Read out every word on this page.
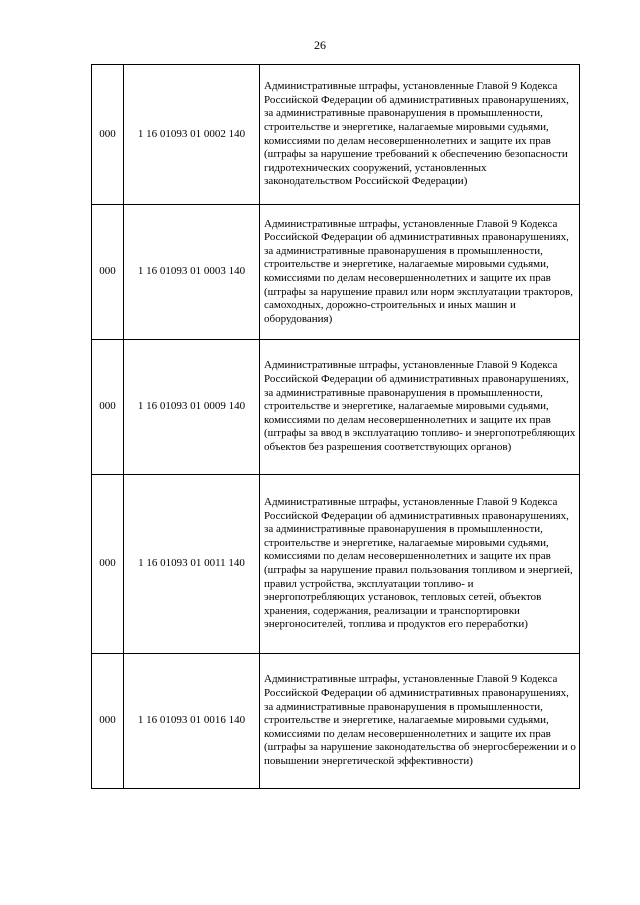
26
000	1 16 01093 01 0002 140	Административные штрафы, установленные Главой 9 Кодекса Российской Федерации об административных правонарушениях, за административные правонарушения в промышленности, строительстве и энергетике, налагаемые мировыми судьями, комиссиями по делам несовершеннолетних и защите их прав (штрафы за нарушение требований к обеспечению безопасности гидротехнических сооружений, установленных законодательством Российской Федерации)
000	1 16 01093 01 0003 140	Административные штрафы, установленные Главой 9 Кодекса Российской Федерации об административных правонарушениях, за административные правонарушения в промышленности, строительстве и энергетике, налагаемые мировыми судьями, комиссиями по делам несовершеннолетних и защите их прав (штрафы за нарушение правил или норм эксплуатации тракторов, самоходных, дорожно-строительных и иных машин и оборудования)
000	1 16 01093 01 0009 140	Административные штрафы, установленные Главой 9 Кодекса Российской Федерации об административных правонарушениях, за административные правонарушения в промышленности, строительстве и энергетике, налагаемые мировыми судьями, комиссиями по делам несовершеннолетних и защите их прав (штрафы за ввод в эксплуатацию топливо- и энергопотребляющих объектов без разрешения соответствующих органов)
000	1 16 01093 01 0011 140	Административные штрафы, установленные Главой 9 Кодекса Российской Федерации об административных правонарушениях, за административные правонарушения в промышленности, строительстве и энергетике, налагаемые мировыми судьями, комиссиями по делам несовершеннолетних и защите их прав (штрафы за нарушение правил пользования топливом и энергией, правил устройства, эксплуатации топливо- и энергопотребляющих установок, тепловых сетей, объектов хранения, содержания, реализации и транспортировки энергоносителей, топлива и продуктов его переработки)
000	1 16 01093 01 0016 140	Административные штрафы, установленные Главой 9 Кодекса Российской Федерации об административных правонарушениях, за административные правонарушения в промышленности, строительстве и энергетике, налагаемые мировыми судьями, комиссиями по делам несовершеннолетних и защите их прав (штрафы за нарушение законодательства об энергосбережении и о повышении энергетической эффективности)
